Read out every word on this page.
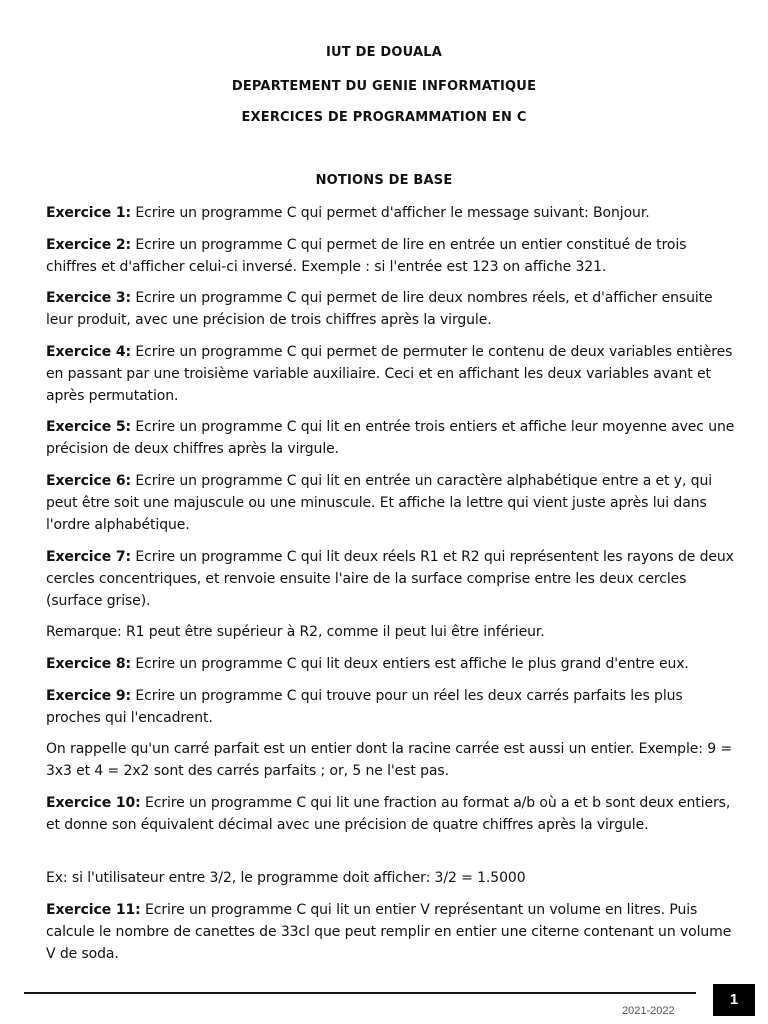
IUT DE DOUALA
DEPARTEMENT DU GENIE INFORMATIQUE
EXERCICES DE PROGRAMMATION EN C
NOTIONS DE BASE
Exercice 1: Ecrire un programme C qui permet d'afficher le message suivant: Bonjour.
Exercice 2: Ecrire un programme C qui permet de lire en entrée un entier constitué de trois chiffres et d'afficher celui-ci inversé. Exemple : si l'entrée est 123 on affiche 321.
Exercice 3: Ecrire un programme C qui permet de lire deux nombres réels, et d'afficher ensuite leur produit, avec une précision de trois chiffres après la virgule.
Exercice 4: Ecrire un programme C qui permet de permuter le contenu de deux variables entières en passant par une troisième variable auxiliaire. Ceci et en affichant les deux variables avant et après permutation.
Exercice 5: Ecrire un programme C qui lit en entrée trois entiers et affiche leur moyenne avec une précision de deux chiffres après la virgule.
Exercice 6: Ecrire un programme C qui lit en entrée un caractère alphabétique entre a et y, qui peut être soit une majuscule ou une minuscule. Et affiche la lettre qui vient juste après lui dans l'ordre alphabétique.
Exercice 7: Ecrire un programme C qui lit deux réels R1 et R2 qui représentent les rayons de deux cercles concentriques, et renvoie ensuite l'aire de la surface comprise entre les deux cercles (surface grise).
Remarque: R1 peut être supérieur à R2, comme il peut lui être inférieur.
Exercice 8: Ecrire un programme C qui lit deux entiers est affiche le plus grand d'entre eux.
Exercice 9: Ecrire un programme C qui trouve pour un réel les deux carrés parfaits les plus proches qui l'encadrent.
On rappelle qu'un carré parfait est un entier dont la racine carrée est aussi un entier. Exemple: 9 = 3x3 et 4 = 2x2 sont des carrés parfaits ; or, 5 ne l'est pas.
Exercice 10: Ecrire un programme C qui lit une fraction au format a/b où a et b sont deux entiers, et donne son équivalent décimal avec une précision de quatre chiffres après la virgule.
Ex: si l'utilisateur entre 3/2, le programme doit afficher: 3/2 = 1.5000
Exercice 11: Ecrire un programme C qui lit un entier V représentant un volume en litres. Puis calcule le nombre de canettes de 33cl que peut remplir en entier une citerne contenant un volume V de soda.
2021-2022
1
